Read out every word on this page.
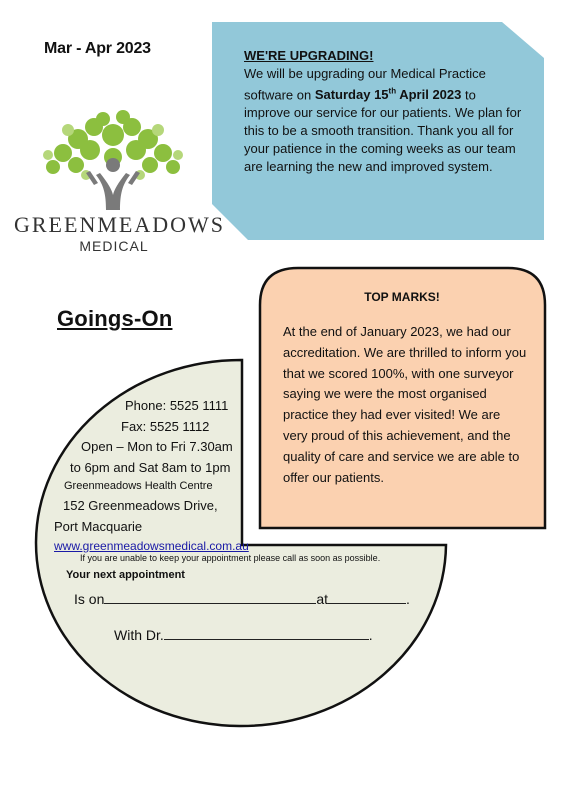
Mar - Apr 2023
GREENMEADOWS
MEDICAL
WE'RE UPGRADING!
We will be upgrading our Medical Practice software on Saturday 15th April 2023 to improve our service for our patients. We plan for this to be a smooth transition. Thank you all for your patience in the coming weeks as our team are learning the new and improved system.
Goings-On
Phone: 5525 1111
Fax: 5525 1112
Open – Mon to Fri 7.30am
to 6pm and Sat 8am to 1pm
Greenmeadows Health Centre
152 Greenmeadows Drive,
Port Macquarie
www.greenmeadowsmedical.com.au
If you are unable to keep your appointment please call as soon as possible.
Your next appointment
Is on	at	.
With Dr.	.
TOP MARKS!
At the end of January 2023, we had our accreditation. We are thrilled to inform you that we scored 100%, with one surveyor saying we were the most organised practice they had ever visited! We are very proud of this achievement, and the quality of care and service we are able to offer our patients.
